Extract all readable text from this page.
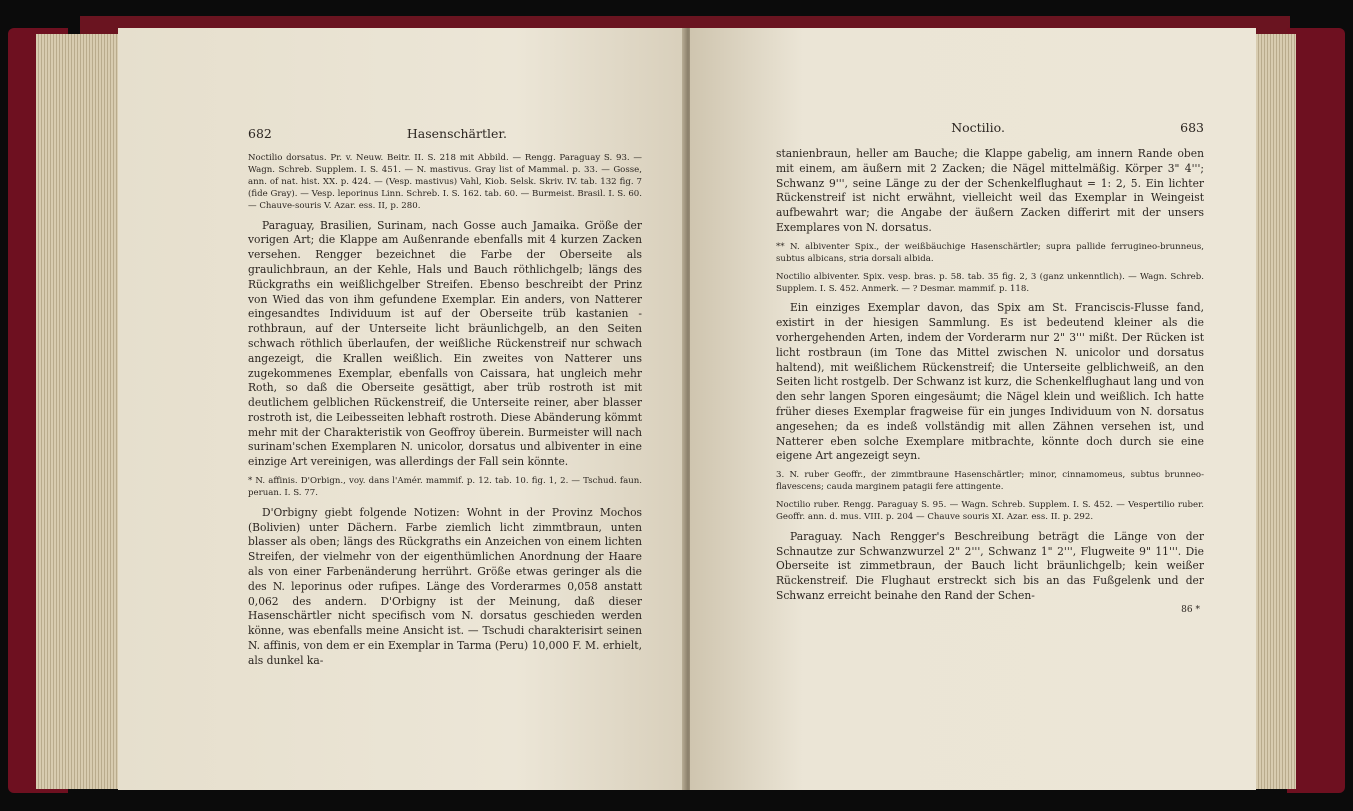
682	Hasenschärtler.

Noctilio dorsatus. Pr. v. Neuw. Beitr. II. S. 218 mit Abbild. — Rengg. Paraguay S. 93. — Wagn. Schreb. Supplem. I. S. 451. — N. mastivus. Gray list of Mammal. p. 33. — Gosse, ann. of nat. hist. XX. p. 424. — (Vesp. mastivus) Vahl, Kiob. Selsk. Skriv. IV. tab. 132 fig. 7 (fide Gray). — Vesp. leporinus Linn. Schreb. I. S. 162. tab. 60. — Burmeist. Brasil. I. S. 60. — Chauve-souris V. Azar. ess. II, p. 280.

Paraguay, Brasilien, Surinam, nach Gosse auch Jamaika. Größe der vorigen Art; die Klappe am Außenrande ebenfalls mit 4 kurzen Zacken versehen. Rengger bezeichnet die Farbe der Oberseite als graulichbraun, an der Kehle, Hals und Bauch röthlichgelb; längs des Rückgraths ein weißlichgelber Streifen. Ebenso beschreibt der Prinz von Wied das von ihm gefundene Exemplar. Ein anders, von Natterer eingesandtes Individuum ist auf der Oberseite trüb kastanien - rothbraun, auf der Unterseite licht bräunlichgelb, an den Seiten schwach röthlich überlaufen, der weißliche Rückenstreif nur schwach angezeigt, die Krallen weißlich. Ein zweites von Natterer uns zugekommenes Exemplar, ebenfalls von Caissara, hat ungleich mehr Roth, so daß die Oberseite gesättigt, aber trüb rostroth ist mit deutlichem gelblichen Rückenstreif, die Unterseite reiner, aber blasser rostroth ist, die Leibesseiten lebhaft rostroth. Diese Abänderung kömmt mehr mit der Charakteristik von Geoffroy überein. Burmeister will nach surinam'schen Exemplaren N. unicolor, dorsatus und albiventer in eine einzige Art vereinigen, was allerdings der Fall sein könnte.

* N. affinis. D'Orbign., voy. dans l'Amér. mammif. p. 12. tab. 10. fig. 1, 2. — Tschud. faun. peruan. I. S. 77.

D'Orbigny giebt folgende Notizen: Wohnt in der Provinz Mochos (Bolivien) unter Dächern. Farbe ziemlich licht zimmtbraun, unten blasser als oben; längs des Rückgraths ein Anzeichen von einem lichten Streifen, der vielmehr von der eigenthümlichen Anordnung der Haare als von einer Farbenänderung herrührt. Größe etwas geringer als die des N. leporinus oder rufipes. Länge des Vorderarmes 0,058 anstatt 0,062 des andern. D'Orbigny ist der Meinung, daß dieser Hasenschärtler nicht specifisch vom N. dorsatus geschieden werden könne, was ebenfalls meine Ansicht ist. — Tschudi charakterisirt seinen N. affinis, von dem er ein Exemplar in Tarma (Peru) 10,000 F. M. erhielt, als dunkel ka-

Noctilio.	683

stanienbraun, heller am Bauche; die Klappe gabelig, am innern Rande oben mit einem, am äußern mit 2 Zacken; die Nägel mittelmäßig. Körper 3" 4'''; Schwanz 9''', seine Länge zu der der Schenkelflughaut = 1: 2, 5. Ein lichter Rückenstreif ist nicht erwähnt, vielleicht weil das Exemplar in Weingeist aufbewahrt war; die Angabe der äußern Zacken differirt mit der unsers Exemplares von N. dorsatus.

** N. albiventer Spix., der weißbäuchige Hasenschärtler; supra pallide ferrugineo-brunneus, subtus albicans, stria dorsali albida.

Noctilio albiventer. Spix. vesp. bras. p. 58. tab. 35 fig. 2, 3 (ganz unkenntlich). — Wagn. Schreb. Supplem. I. S. 452. Anmerk. — ? Desmar. mammif. p. 118.

Ein einziges Exemplar davon, das Spix am St. Franciscis-Flusse fand, existirt in der hiesigen Sammlung. Es ist bedeutend kleiner als die vorhergehenden Arten, indem der Vorderarm nur 2" 3''' mißt. Der Rücken ist licht rostbraun (im Tone das Mittel zwischen N. unicolor und dorsatus haltend), mit weißlichem Rückenstreif; die Unterseite gelblichweiß, an den Seiten licht rostgelb. Der Schwanz ist kurz, die Schenkelflughaut lang und von den sehr langen Sporen eingesäumt; die Nägel klein und weißlich. Ich hatte früher dieses Exemplar fragweise für ein junges Individuum von N. dorsatus angesehen; da es indeß vollständig mit allen Zähnen versehen ist, und Natterer eben solche Exemplare mitbrachte, könnte doch durch sie eine eigene Art angezeigt seyn.

3. N. ruber Geoffr., der zimmtbraune Hasenschärtler; minor, cinnamomeus, subtus brunneo-flavescens; cauda marginem patagii fere attingente.

Noctilio ruber. Rengg. Paraguay S. 95. — Wagn. Schreb. Supplem. I. S. 452. — Vespertilio ruber. Geoffr. ann. d. mus. VIII. p. 204 — Chauve souris XI. Azar. ess. II. p. 292.

Paraguay. Nach Rengger's Beschreibung beträgt die Länge von der Schnautze zur Schwanzwurzel 2" 2''', Schwanz 1" 2''', Flugweite 9" 11'''. Die Oberseite ist zimmetbraun, der Bauch licht bräunlichgelb; kein weißer Rückenstreif. Die Flughaut erstreckt sich bis an das Fußgelenk und der Schwanz erreicht beinahe den Rand der Schen-

86 *
